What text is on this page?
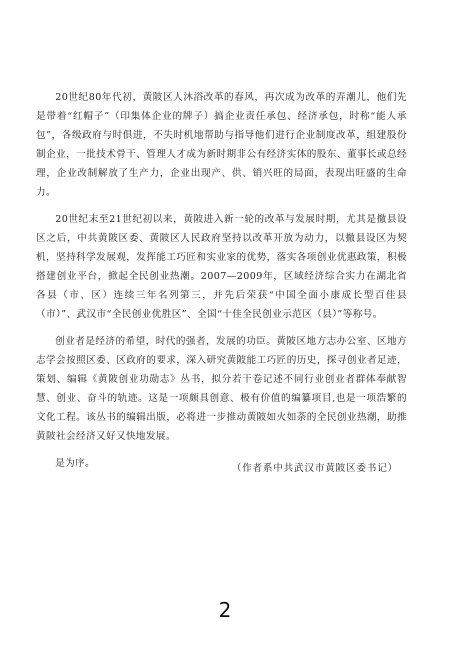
20世纪80年代初，黄陂区人沐浴改革的春风，再次成为改革的弄潮儿，他们先是带着“红帽子”（印集体企业的牌子）搞企业责任承包、经济承包，时称“能人承包”，各级政府与时俱进，不失时机地帮助与指导他们进行企业制度改革，组建股份制企业，一批技术骨干、管理人才成为新时期非公有经济实体的股东、董事长或总经理，企业改制解放了生产力，企业出现产、供、销兴旺的局面，表现出旺盛的生命力。

20世纪末至21世纪初以来，黄陂进入新一轮的改革与发展时期，尤其是撤县设区之后，中共黄陂区委、黄陂区人民政府坚持以改革开放为动力，以撤县设区为契机，坚持科学发展观，发挥能工巧匠和实业家的优势，落实各项创业优惠政策，积极搭建创业平台，掀起全民创业热潮。2007—2009年，区域经济综合实力在湖北省各县（市、区）连续三年名列第三，并先后荣获“中国全面小康成长型百佳县（市）”、武汉市“全民创业优胜区”、全国“十佳全民创业示范区（县）”等称号。

创业者是经济的希望，时代的强者，发展的功臣。黄陂区地方志办公室、区地方志学会按照区委、区政府的要求，深入研究黄陂能工巧匠的历史，探寻创业者足迹，策划、编辑《黄陂创业功勋志》丛书，拟分若干卷记述不同行业创业者群体奉献智慧、创业、奋斗的轨迹。这是一项颇具创意、极有价值的编纂项目,也是一项浩繁的文化工程。该丛书的编辑出版，必将进一步推动黄陂如火如荼的全民创业热潮，助推黄陂社会经济又好又快地发展。

是为序。	（作者系中共武汉市黄陂区委书记）
2
